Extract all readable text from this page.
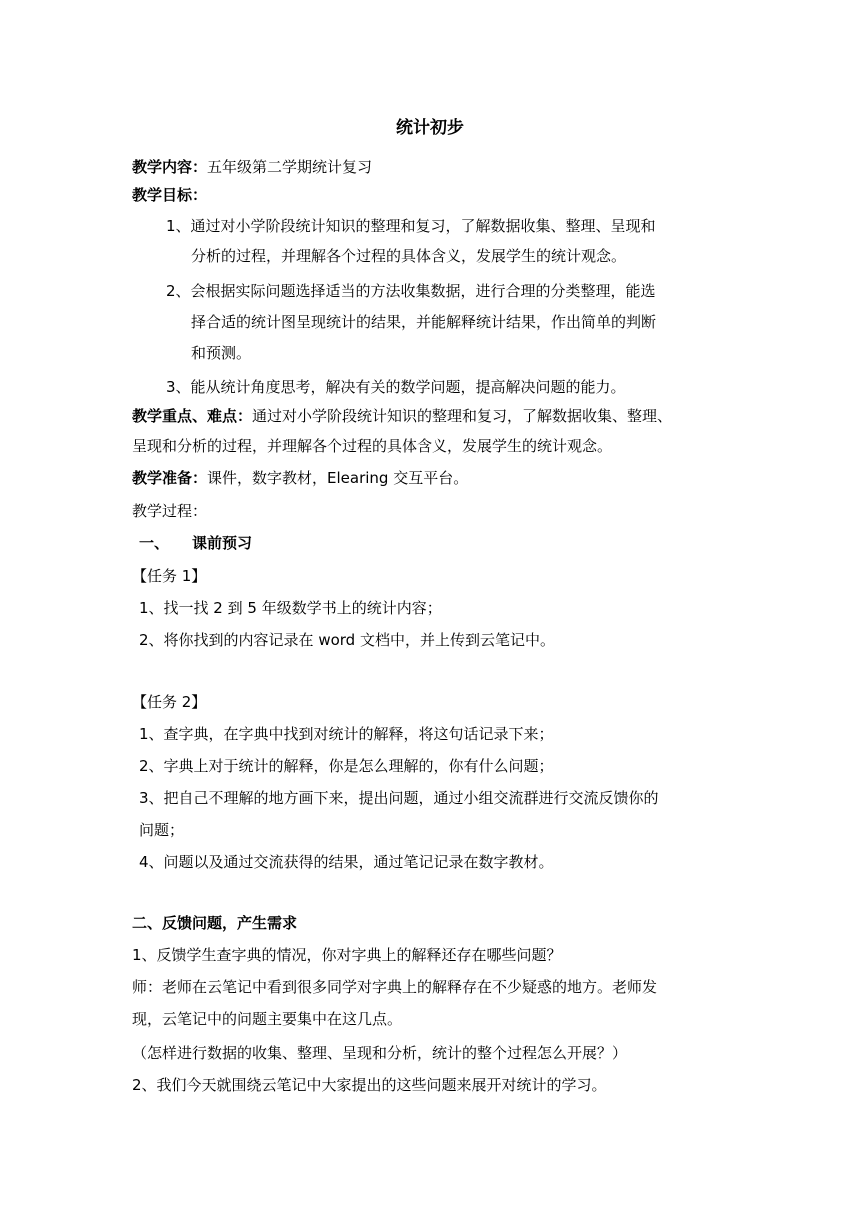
统计初步
教学内容：五年级第二学期统计复习
教学目标：
1、通过对小学阶段统计知识的整理和复习，了解数据收集、整理、呈现和
分析的过程，并理解各个过程的具体含义，发展学生的统计观念。
2、会根据实际问题选择适当的方法收集数据，进行合理的分类整理，能选
择合适的统计图呈现统计的结果，并能解释统计结果，作出简单的判断
和预测。
3、能从统计角度思考，解决有关的数学问题，提高解决问题的能力。
教学重点、难点：通过对小学阶段统计知识的整理和复习，了解数据收集、整理、
呈现和分析的过程，并理解各个过程的具体含义，发展学生的统计观念。
教学准备：课件，数字教材，Elearing 交互平台。
教学过程：
一、 课前预习
【任务 1】
1、找一找 2 到 5 年级数学书上的统计内容；
2、将你找到的内容记录在 word 文档中，并上传到云笔记中。
【任务 2】
1、查字典，在字典中找到对统计的解释，将这句话记录下来；
2、字典上对于统计的解释，你是怎么理解的，你有什么问题；
3、把自己不理解的地方画下来，提出问题，通过小组交流群进行交流反馈你的
问题；
4、问题以及通过交流获得的结果，通过笔记记录在数字教材。
二、反馈问题，产生需求
1、反馈学生查字典的情况，你对字典上的解释还存在哪些问题？
师：老师在云笔记中看到很多同学对字典上的解释存在不少疑惑的地方。老师发
现，云笔记中的问题主要集中在这几点。
（怎样进行数据的收集、整理、呈现和分析，统计的整个过程怎么开展？）
2、我们今天就围绕云笔记中大家提出的这些问题来展开对统计的学习。
